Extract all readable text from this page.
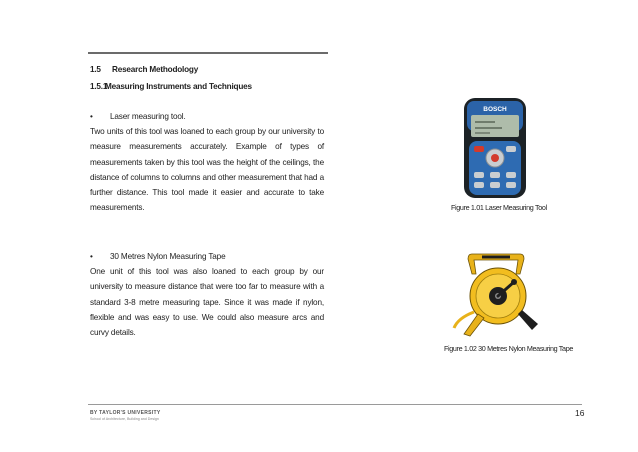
1.5 Research Methodology
1.5.1Measuring Instruments and Techniques
• Laser measuring tool.

Two units of this tool was loaned to each group by our university to measure measurements accurately. Example of types of measurements taken by this tool was the height of the ceilings, the distance of columns to columns and other measurement that had a further distance. This tool made it easier and accurate to take measurements.

• 30 Metres Nylon Measuring Tape

One unit of this tool was also loaned to each group by our university to measure distance that were too far to measure with a standard 3-8 metre measuring tape. Since it was made if nylon, flexible and was easy to use. We could also measure arcs and curvy details.

BOSCH
Figure 1.01 Laser Measuring Tool
Figure 1.02 30 Metres Nylon Measuring Tape
16
BY TAYLOR'S UNIVERSITY
School of Architecture, Building and Design
